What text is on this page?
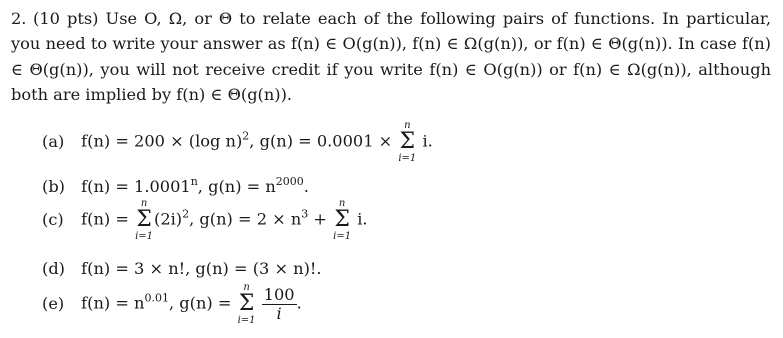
2. (10 pts) Use O, Ω, or Θ to relate each of the following pairs of functions. In particular, you need to write your answer as f(n) ∈ O(g(n)), f(n) ∈ Ω(g(n)), or f(n) ∈ Θ(g(n)). In case f(n) ∈ Θ(g(n)), you will not receive credit if you write f(n) ∈ O(g(n)) or f(n) ∈ Ω(g(n)), although both are implied by f(n) ∈ Θ(g(n)).
(a) f(n) = 200 × (log n)$^2$, g(n) = 0.0001 ×
n
Σ
i=1
i.
(b) $f(n) = 1.0001^n$, $g(n) = n^{2000}$.
(c) f(n) =
n
Σ
i=1
$(2i)^2$, $g(n) = 2 \times n^3$ +
n
Σ
i=1
i.
(d) f(n) = 3 × n!, g(n) = (3 × n)!.
(e) $f(n) = n^{0.01}$, g(n) =
n
Σ
i=1
$\frac{100}{i}$ .
